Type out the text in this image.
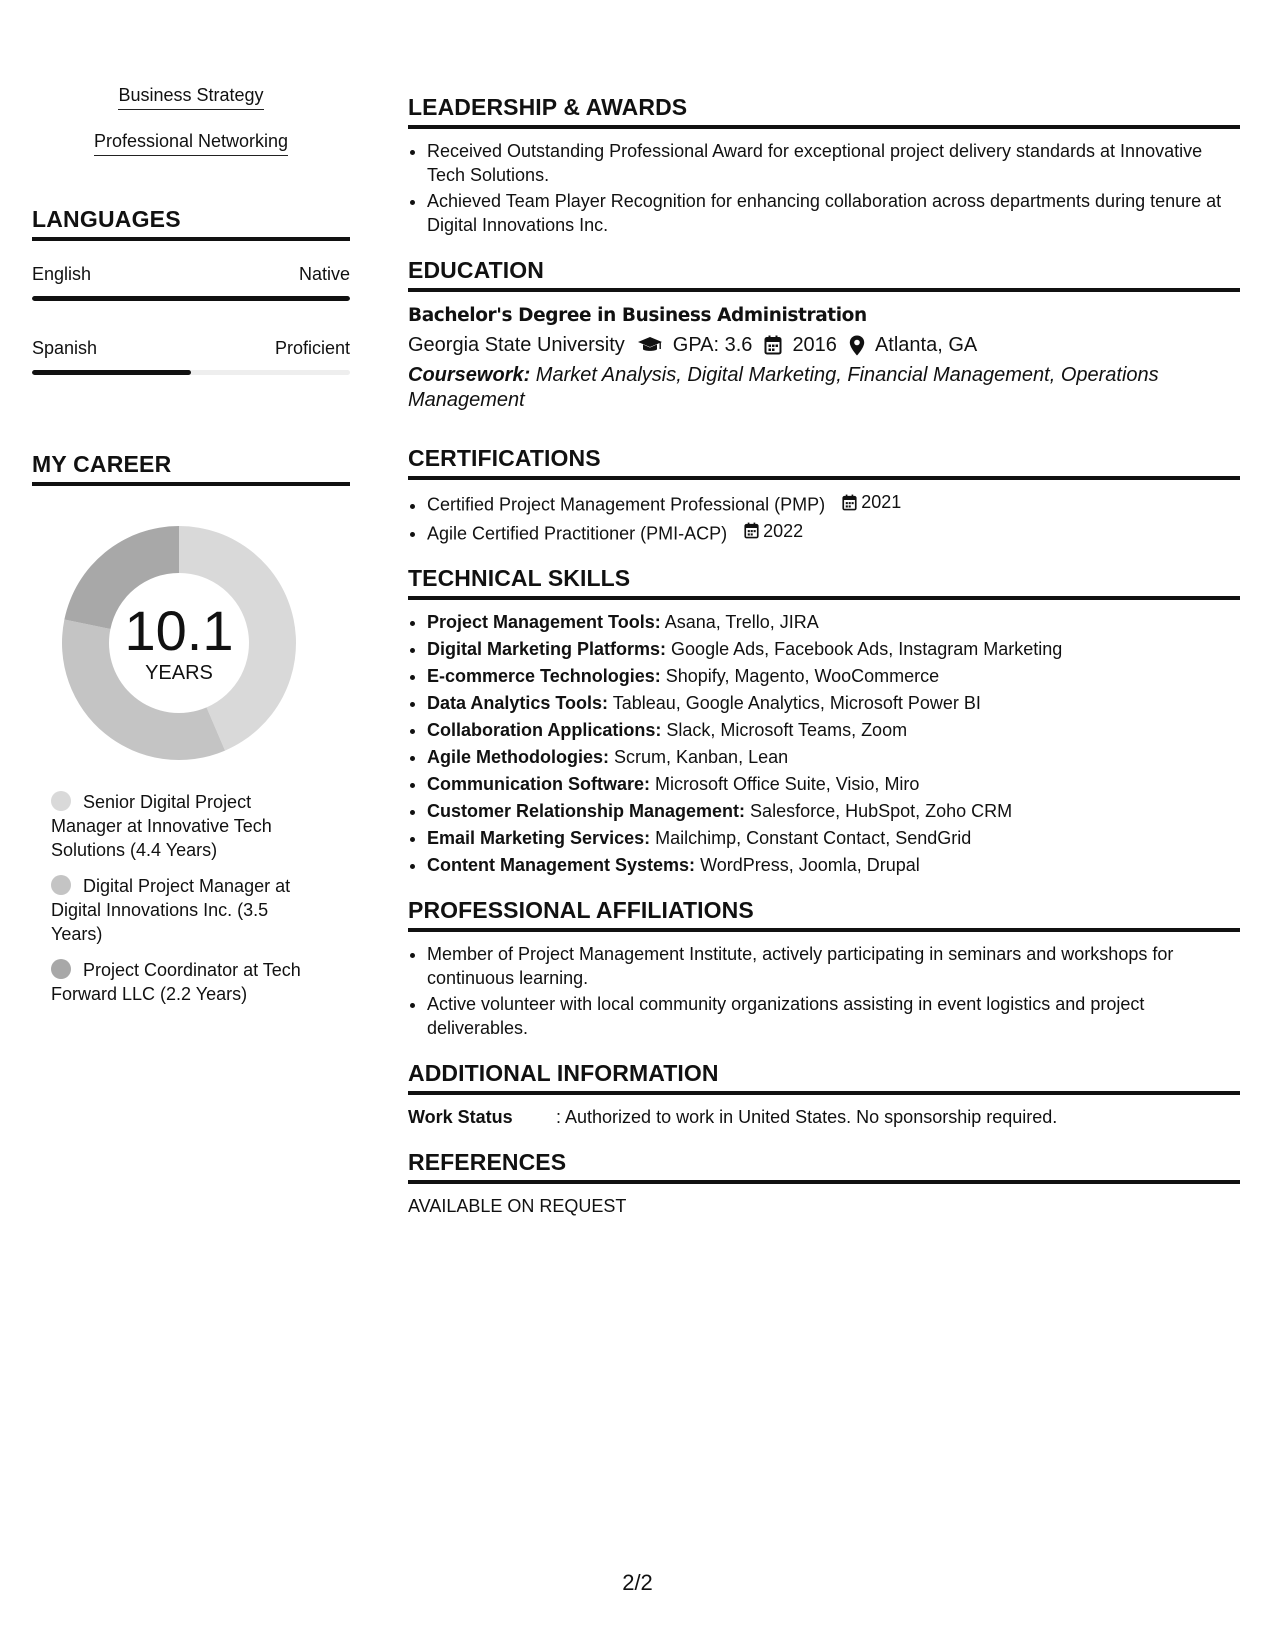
Business Strategy
Professional Networking
LANGUAGES
English	Native
Spanish	Proficient
MY CAREER
10.1
YEARS
Senior Digital Project Manager at Innovative Tech Solutions (4.4 Years)
Digital Project Manager at Digital Innovations Inc. (3.5 Years)
Project Coordinator at Tech Forward LLC (2.2 Years)
LEADERSHIP & AWARDS
• Received Outstanding Professional Award for exceptional project delivery standards at Innovative Tech Solutions.
• Achieved Team Player Recognition for enhancing collaboration across departments during tenure at Digital Innovations Inc.
EDUCATION
Bachelor's Degree in Business Administration
Georgia State University GPA: 3.6 2016 Atlanta, GA
Coursework: Market Analysis, Digital Marketing, Financial Management, Operations Management
CERTIFICATIONS
• Certified Project Management Professional (PMP) 2021
• Agile Certified Practitioner (PMI-ACP) 2022
TECHNICAL SKILLS
• Project Management Tools: Asana, Trello, JIRA
• Digital Marketing Platforms: Google Ads, Facebook Ads, Instagram Marketing
• E-commerce Technologies: Shopify, Magento, WooCommerce
• Data Analytics Tools: Tableau, Google Analytics, Microsoft Power BI
• Collaboration Applications: Slack, Microsoft Teams, Zoom
• Agile Methodologies: Scrum, Kanban, Lean
• Communication Software: Microsoft Office Suite, Visio, Miro
• Customer Relationship Management: Salesforce, HubSpot, Zoho CRM
• Email Marketing Services: Mailchimp, Constant Contact, SendGrid
• Content Management Systems: WordPress, Joomla, Drupal
PROFESSIONAL AFFILIATIONS
• Member of Project Management Institute, actively participating in seminars and workshops for continuous learning.
• Active volunteer with local community organizations assisting in event logistics and project deliverables.
ADDITIONAL INFORMATION
Work Status	: Authorized to work in United States. No sponsorship required.
REFERENCES
AVAILABLE ON REQUEST
2/2
